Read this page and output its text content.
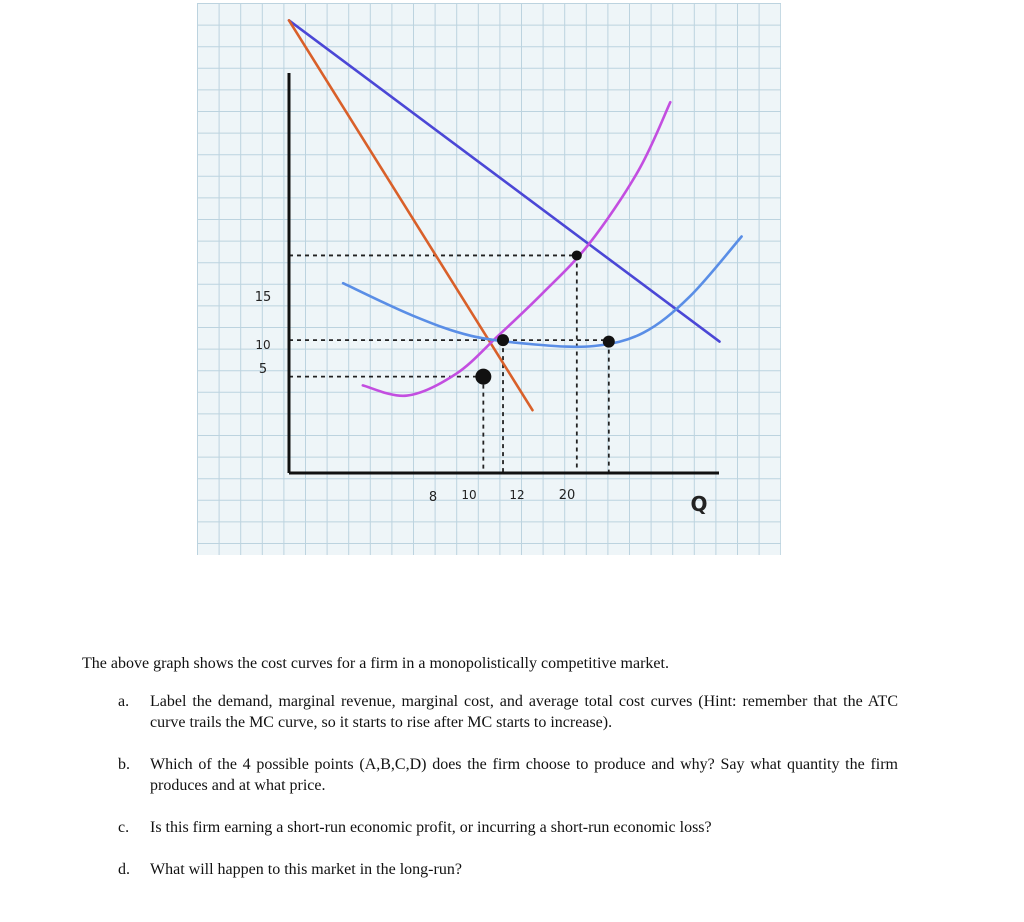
15
10
5
8 10	12	20	Q

The above graph shows the cost curves for a firm in a monopolistically competitive market.

a. Label the demand, marginal revenue, marginal cost, and average total cost curves (Hint: remember that the ATC curve trails the MC curve, so it starts to rise after MC starts to increase).
b. Which of the 4 possible points (A,B,C,D) does the firm choose to produce and why? Say what quantity the firm produces and at what price.
c. Is this firm earning a short-run economic profit, or incurring a short-run economic loss?
d. What will happen to this market in the long-run?
